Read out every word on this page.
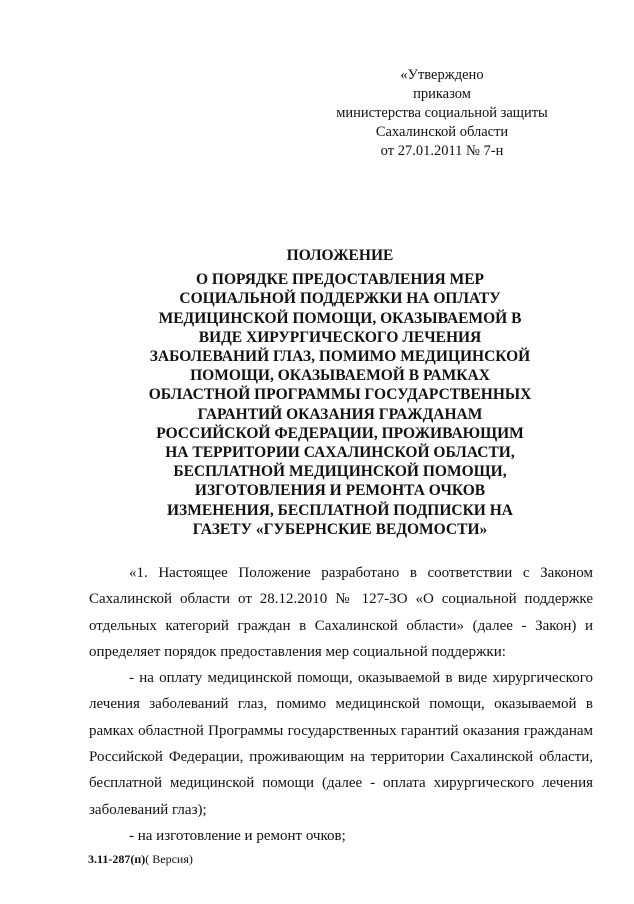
«Утверждено
приказом
министерства социальной защиты
Сахалинской области
от 27.01.2011 № 7-н
ПОЛОЖЕНИЕ
О ПОРЯДКЕ ПРЕДОСТАВЛЕНИЯ МЕР
СОЦИАЛЬНОЙ ПОДДЕРЖКИ НА ОПЛАТУ
МЕДИЦИНСКОЙ ПОМОЩИ, ОКАЗЫВАЕМОЙ В
ВИДЕ ХИРУРГИЧЕСКОГО ЛЕЧЕНИЯ
ЗАБОЛЕВАНИЙ ГЛАЗ, ПОМИМО МЕДИЦИНСКОЙ
ПОМОЩИ, ОКАЗЫВАЕМОЙ В РАМКАХ
ОБЛАСТНОЙ ПРОГРАММЫ ГОСУДАРСТВЕННЫХ
ГАРАНТИЙ ОКАЗАНИЯ ГРАЖДАНАМ
РОССИЙСКОЙ ФЕДЕРАЦИИ, ПРОЖИВАЮЩИМ
НА ТЕРРИТОРИИ САХАЛИНСКОЙ ОБЛАСТИ,
БЕСПЛАТНОЙ МЕДИЦИНСКОЙ ПОМОЩИ,
ИЗГОТОВЛЕНИЯ И РЕМОНТА ОЧКОВ
ИЗМЕНЕНИЯ, БЕСПЛАТНОЙ ПОДПИСКИ НА
ГАЗЕТУ «ГУБЕРНСКИЕ ВЕДОМОСТИ»

«1. Настоящее Положение разработано в соответствии с Законом Сахалинской области от 28.12.2010 № 127-ЗО «О социальной поддержке отдельных категорий граждан в Сахалинской области» (далее - Закон) и определяет порядок предоставления мер социальной поддержки:

- на оплату медицинской помощи, оказываемой в виде хирургического лечения заболеваний глаз, помимо медицинской помощи, оказываемой в рамках областной Программы государственных гарантий оказания гражданам Российской Федерации, проживающим на территории Сахалинской области, бесплатной медицинской помощи (далее - оплата хирургического лечения заболеваний глаз);

- на изготовление и ремонт очков;

3.11-287(п)( Версия)
